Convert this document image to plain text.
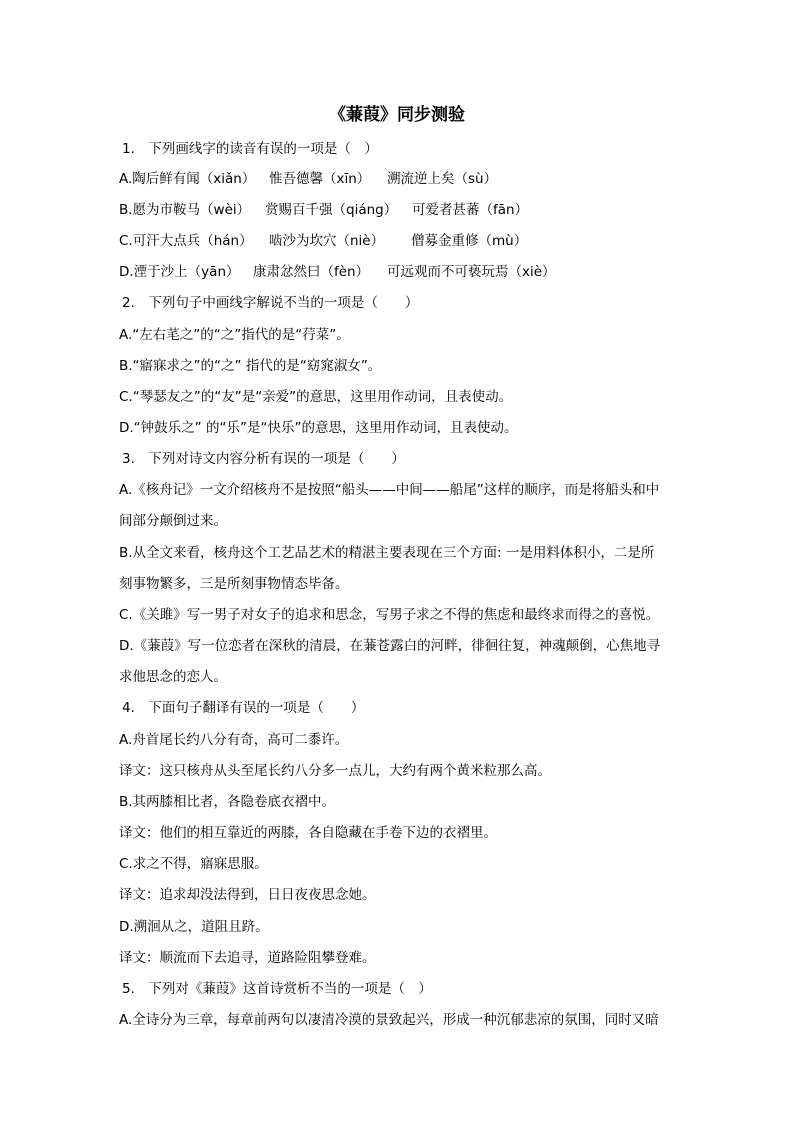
《蒹葭》同步测验
1.　下列画线字的读音有误的一项是（　）
A.陶后鲜有闻（xiǎn） 惟吾德馨（xīn） 溯流逆上矣（sù）
B.愿为市鞍马（wèi） 赏赐百千强（qiáng） 可爱者甚蕃（fān）
C.可汗大点兵（hán） 啮沙为坎穴（niè） 僧募金重修（mù）
D.湮于沙上（yān） 康肃忿然曰（fèn） 可远观而不可亵玩焉（xiè）
2.　下列句子中画线字解说不当的一项是（　　）
A.“左右芼之”的“之”指代的是“荇菜”。
B.“寤寐求之”的“之” 指代的是“窈窕淑女”。
C.“琴瑟友之”的“友”是“亲爱”的意思，这里用作动词，且表使动。
D.“钟鼓乐之” 的“乐”是“快乐”的意思，这里用作动词，且表使动。
3.　下列对诗文内容分析有误的一项是（　　）
A.《核舟记》一文介绍核舟不是按照“船头——中间——船尾”这样的顺序，而是将船头和中
间部分颠倒过来。
B.从全文来看，核舟这个工艺品艺术的精湛主要表现在三个方面: 一是用料体积小，二是所
刻事物繁多，三是所刻事物情态毕备。
C.《关雎》写一男子对女子的追求和思念，写男子求之不得的焦虑和最终求而得之的喜悦。
D.《蒹葭》写一位恋者在深秋的清晨，在蒹苍露白的河畔，徘徊往复，神魂颠倒，心焦地寻
求他思念的恋人。
4.　下面句子翻译有误的一项是（　　）
A.舟首尾长约八分有奇，高可二黍许。
译文：这只核舟从头至尾长约八分多一点儿，大约有两个黄米粒那么高。
B.其两膝相比者，各隐卷底衣褶中。
译文：他们的相互靠近的两膝，各自隐藏在手卷下边的衣褶里。
C.求之不得，寤寐思服。
译文：追求却没法得到，日日夜夜思念她。
D.溯洄从之，道阻且跻。
译文：顺流而下去追寻，道路险阻攀登难。
5.　下列对《蒹葭》这首诗赏析不当的一项是（　）
A.全诗分为三章，每章前两句以凄清冷漠的景致起兴，形成一种沉郁悲凉的氛围，同时又暗
